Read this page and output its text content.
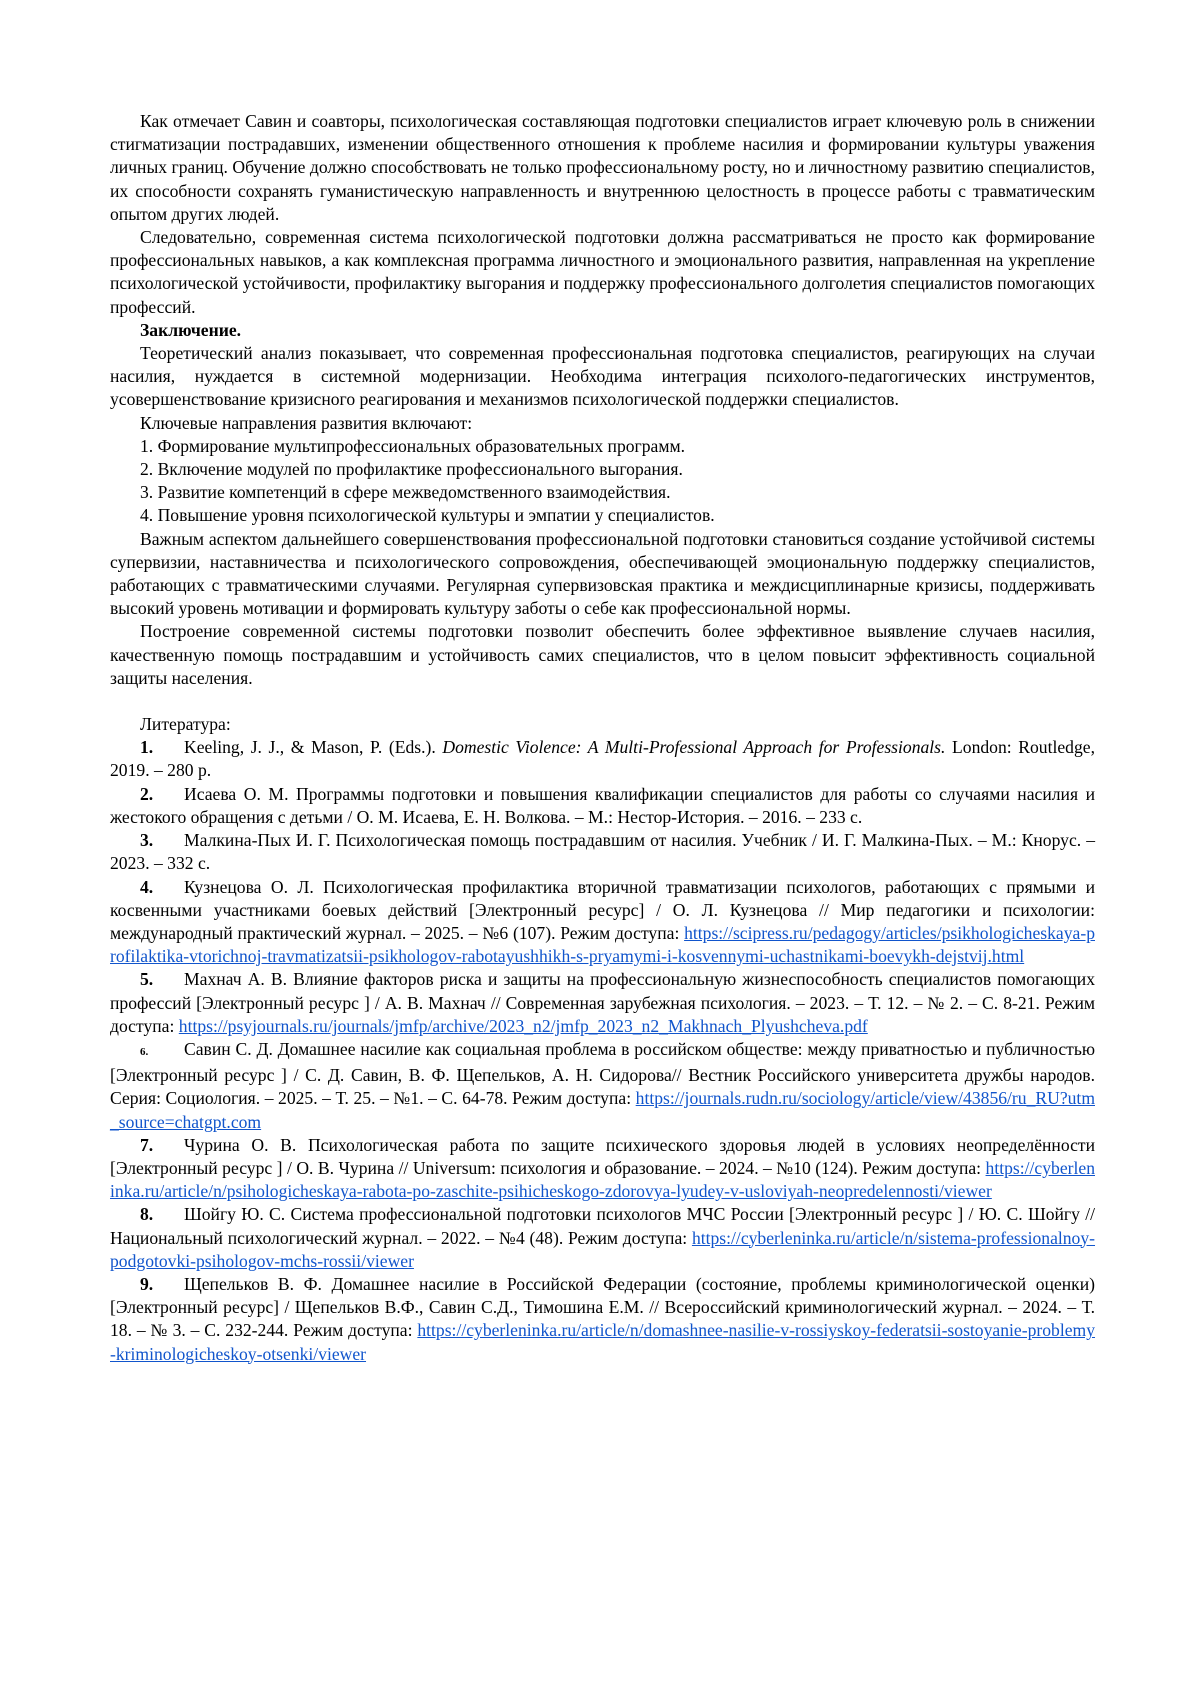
Как отмечает Савин и соавторы, психологическая составляющая подготовки специалистов играет ключевую роль в снижении стигматизации пострадавших, изменении общественного отношения к проблеме насилия и формировании культуры уважения личных границ. Обучение должно способствовать не только профессиональному росту, но и личностному развитию специалистов, их способности сохранять гуманистическую направленность и внутреннюю целостность в процессе работы с травматическим опытом других людей.

Следовательно, современная система психологической подготовки должна рассматриваться не просто как формирование профессиональных навыков, а как комплексная программа личностного и эмоционального развития, направленная на укрепление психологической устойчивости, профилактику выгорания и поддержку профессионального долголетия специалистов помогающих профессий.

Заключение.

Теоретический анализ показывает, что современная профессиональная подготовка специалистов, реагирующих на случаи насилия, нуждается в системной модернизации. Необходима интеграция психолого-педагогических инструментов, усовершенствование кризисного реагирования и механизмов психологической поддержки специалистов.

Ключевые направления развития включают:

1. Формирование мультипрофессиональных образовательных программ.

2. Включение модулей по профилактике профессионального выгорания.

3. Развитие компетенций в сфере межведомственного взаимодействия.

4. Повышение уровня психологической культуры и эмпатии у специалистов.

Важным аспектом дальнейшего совершенствования профессиональной подготовки становиться создание устойчивой системы супервизии, наставничества и психологического сопровождения, обеспечивающей эмоциональную поддержку специалистов, работающих с травматическими случаями. Регулярная супервизовская практика и междисциплинарные кризисы, поддерживать высокий уровень мотивации и формировать культуру заботы о себе как профессиональной нормы.

Построение современной системы подготовки позволит обеспечить более эффективное выявление случаев насилия, качественную помощь пострадавшим и устойчивость самих специалистов, что в целом повысит эффективность социальной защиты населения.

Литература:

1. Keeling, J. J., & Mason, P. (Eds.). Domestic Violence: A Multi-Professional Approach for Professionals. London: Routledge, 2019. – 280 p.

2. Исаева О. М. Программы подготовки и повышения квалификации специалистов для работы со случаями насилия и жестокого обращения с детьми / О. М. Исаева, Е. Н. Волкова. – М.: Нестор-История. – 2016. – 233 с.

3. Малкина-Пых И. Г. Психологическая помощь пострадавшим от насилия. Учебник / И. Г. Малкина-Пых. – М.: Кнорус. – 2023. – 332 с.

4. Кузнецова О. Л. Психологическая профилактика вторичной травматизации психологов, работающих с прямыми и косвенными участниками боевых действий [Электронный ресурс] / О. Л. Кузнецова // Мир педагогики и психологии: международный практический журнал. – 2025. – №6 (107). Режим доступа: https://scipress.ru/pedagogy/articles/psikhologicheskaya-profilaktika-vtorichnoj-travmatizatsii-psikhologov-rabotayushhikh-s-pryamymi-i-kosvennymi-uchastnikami-boevykh-dejstvij.html

5. Махнач А. В. Влияние факторов риска и защиты на профессиональную жизнеспособность специалистов помогающих профессий [Электронный ресурс ] / А. В. Махнач // Современная зарубежная психология. – 2023. – Т. 12. – № 2. – С. 8-21. Режим доступа: https://psyjournals.ru/journals/jmfp/archive/2023_n2/jmfp_2023_n2_Makhnach_Plyushcheva.pdf

6. Савин С. Д. Домашнее насилие как социальная проблема в российском обществе: между приватностью и публичностью [Электронный ресурс ] / С. Д. Савин, В. Ф. Щепельков, А. Н. Сидорова// Вестник Российского университета дружбы народов. Серия: Социология. – 2025. – Т. 25. – №1. – С. 64-78. Режим доступа: https://journals.rudn.ru/sociology/article/view/43856/ru_RU?utm_source=chatgpt.com

7. Чурина О. В. Психологическая работа по защите психического здоровья людей в условиях неопределённости [Электронный ресурс ] / О. В. Чурина // Universum: психология и образование. – 2024. – №10 (124). Режим доступа: https://cyberleninka.ru/article/n/psihologicheskaya-rabota-po-zaschite-psihicheskogo-zdorovya-lyudey-v-usloviyah-neopredelennosti/viewer

8. Шойгу Ю. С. Система профессиональной подготовки психологов МЧС России [Электронный ресурс ] / Ю. С. Шойгу // Национальный психологический журнал. – 2022. – №4 (48). Режим доступа: https://cyberleninka.ru/article/n/sistema-professionalnoy-podgotovki-psihologov-mchs-rossii/viewer

9. Щепельков В. Ф. Домашнее насилие в Российской Федерации (состояние, проблемы криминологической оценки) [Электронный ресурс] / Щепельков В.Ф., Савин С.Д., Тимошина Е.М. // Всероссийский криминологический журнал. – 2024. – Т. 18. – № 3. – С. 232-244. Режим доступа: https://cyberleninka.ru/article/n/domashnee-nasilie-v-rossiyskoy-federatsii-sostoyanie-problemy-kriminologicheskoy-otsenki/viewer
